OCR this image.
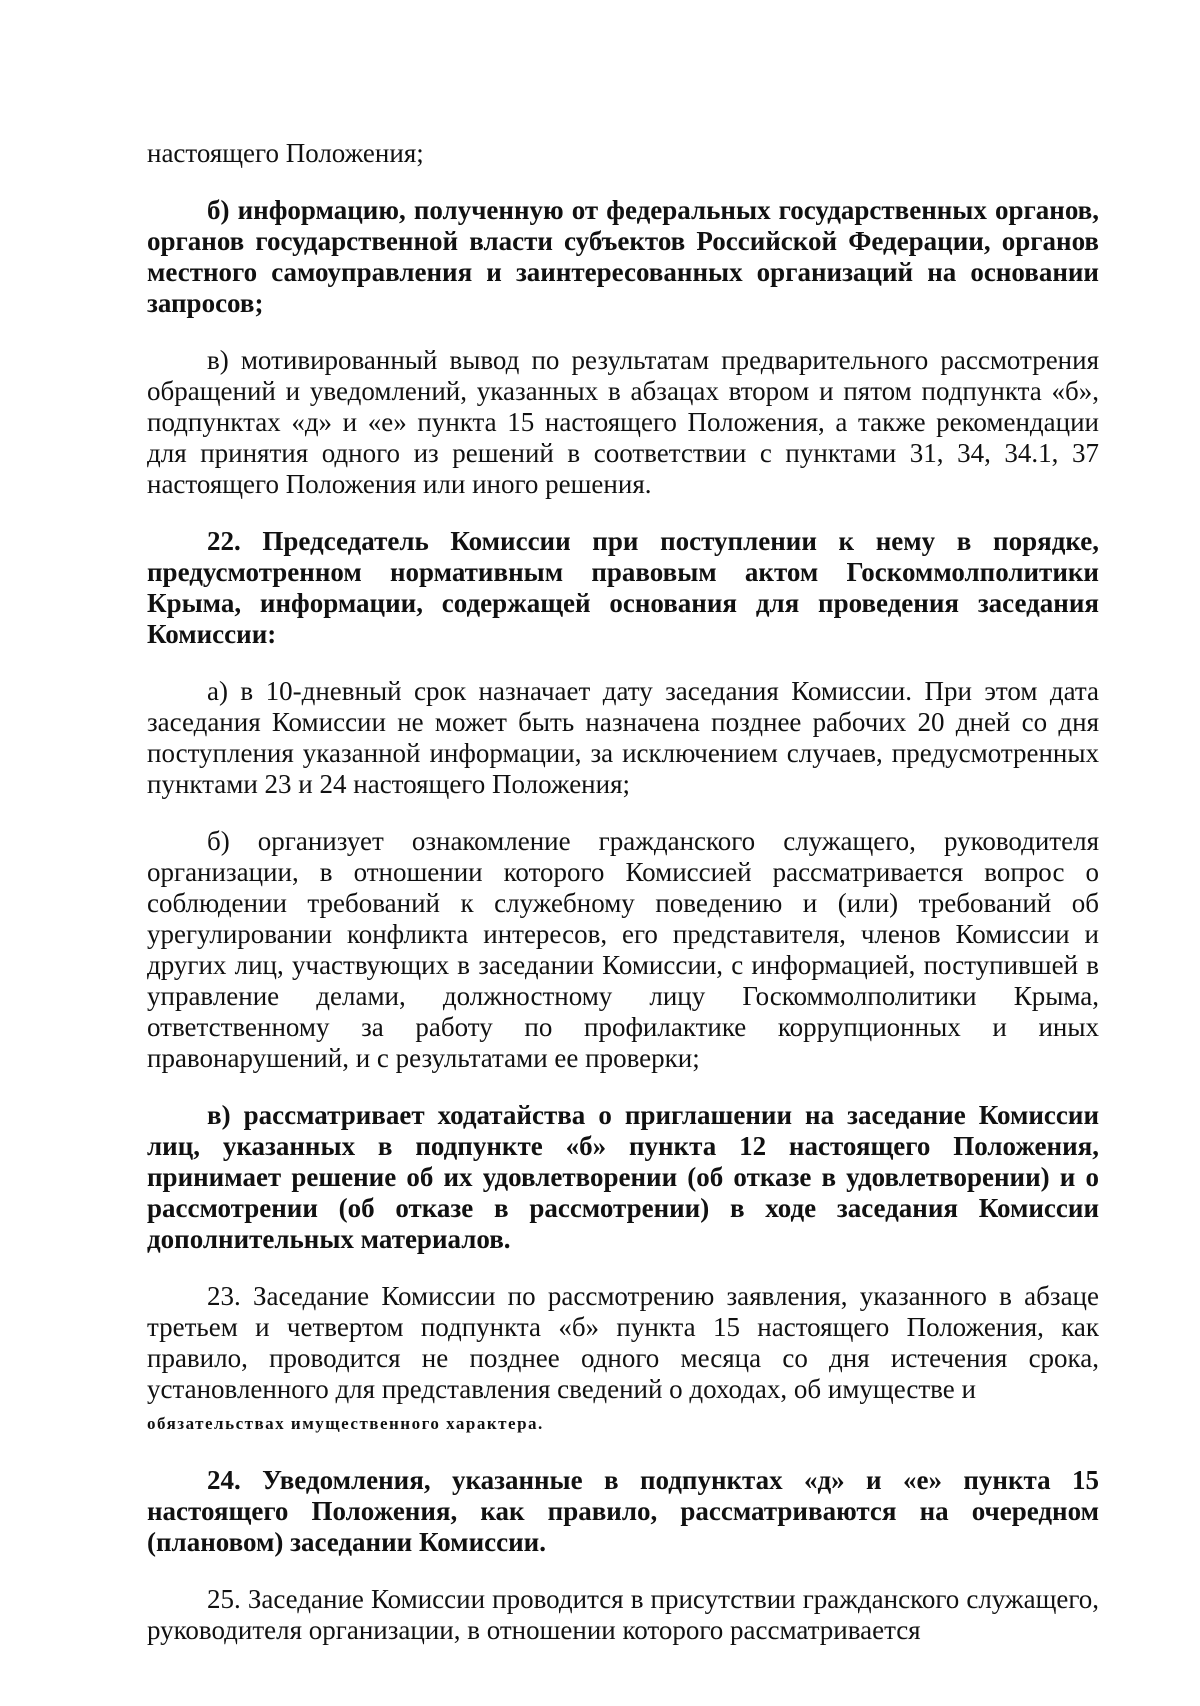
настоящего Положения;

б) информацию, полученную от федеральных государственных органов, органов государственной власти субъектов Российской Федерации, органов местного самоуправления и заинтересованных организаций на основании запросов;

в) мотивированный вывод по результатам предварительного рассмотрения обращений и уведомлений, указанных в абзацах втором и пятом подпункта «б», подпунктах «д» и «е» пункта 15 настоящего Положения, а также рекомендации для принятия одного из решений в соответствии с пунктами 31, 34, 34.1, 37 настоящего Положения или иного решения.

22. Председатель Комиссии при поступлении к нему в порядке, предусмотренном нормативным правовым актом Госкоммолполитики Крыма, информации, содержащей основания для проведения заседания Комиссии:

а) в 10-дневный срок назначает дату заседания Комиссии. При этом дата заседания Комиссии не может быть назначена позднее рабочих 20 дней со дня поступления указанной информации, за исключением случаев, предусмотренных пунктами 23 и 24 настоящего Положения;

б) организует ознакомление гражданского служащего, руководителя организации, в отношении которого Комиссией рассматривается вопрос о соблюдении требований к служебному поведению и (или) требований об урегулировании конфликта интересов, его представителя, членов Комиссии и других лиц, участвующих в заседании Комиссии, с информацией, поступившей в управление делами, должностному лицу Госкоммолполитики Крыма, ответственному за работу по профилактике коррупционных и иных правонарушений, и с результатами ее проверки;

в) рассматривает ходатайства о приглашении на заседание Комиссии лиц, указанных в подпункте «б» пункта 12 настоящего Положения, принимает решение об их удовлетворении (об отказе в удовлетворении) и о рассмотрении (об отказе в рассмотрении) в ходе заседания Комиссии дополнительных материалов.

23. Заседание Комиссии по рассмотрению заявления, указанного в абзаце третьем и четвертом подпункта «б» пункта 15 настоящего Положения, как правило, проводится не позднее одного месяца со дня истечения срока, установленного для представления сведений о доходах, об имуществе и
обязательствах имущественного характера.

24. Уведомления, указанные в подпунктах «д» и «е» пункта 15 настоящего Положения, как правило, рассматриваются на очередном (плановом) заседании Комиссии.

25. Заседание Комиссии проводится в присутствии гражданского служащего, руководителя организации, в отношении которого рассматривается
